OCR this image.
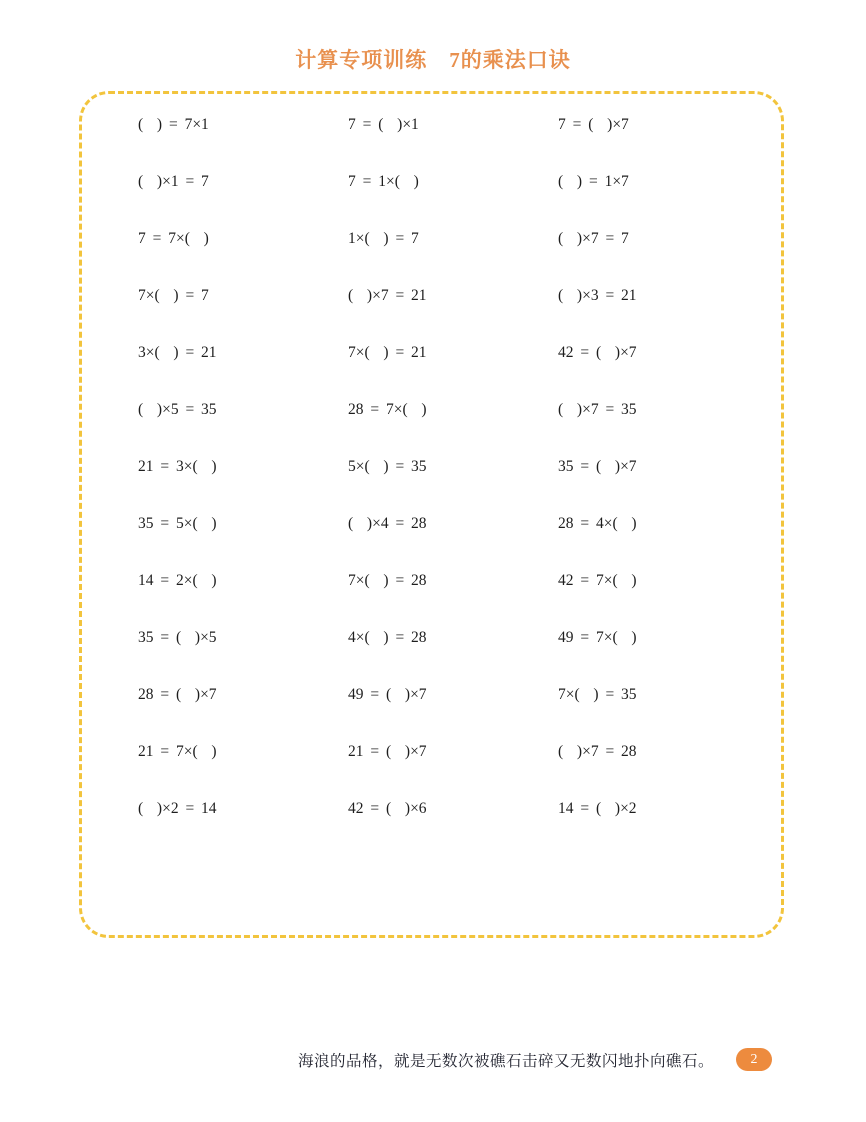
计算专项训练　7的乘法口诀
(  ) = 7×1	7 = (  )×1	7 = (  )×7
(  )×1 = 7	7 = 1×(  )	(  ) = 1×7
7 = 7×(  )	1×(  ) = 7	(  )×7 = 7
7×(  ) = 7	(  )×7 = 21	(  )×3 = 21
3×(  ) = 21	7×(  ) = 21	42 = (  )×7
(  )×5 = 35	28 = 7×(  )	(  )×7 = 35
21 = 3×(  )	5×(  ) = 35	35 = (  )×7
35 = 5×(  )	(  )×4 = 28	28 = 4×(  )
14 = 2×(  )	7×(  ) = 28	42 = 7×(  )
35 = (  )×5	4×(  ) = 28	49 = 7×(  )
28 = (  )×7	49 = (  )×7	7×(  ) = 35
21 = 7×(  )	21 = (  )×7	(  )×7 = 28
(  )×2 = 14	42 = (  )×6	14 = (  )×2
海浪的品格，就是无数次被礁石击碎又无数闪地扑向礁石。	2
